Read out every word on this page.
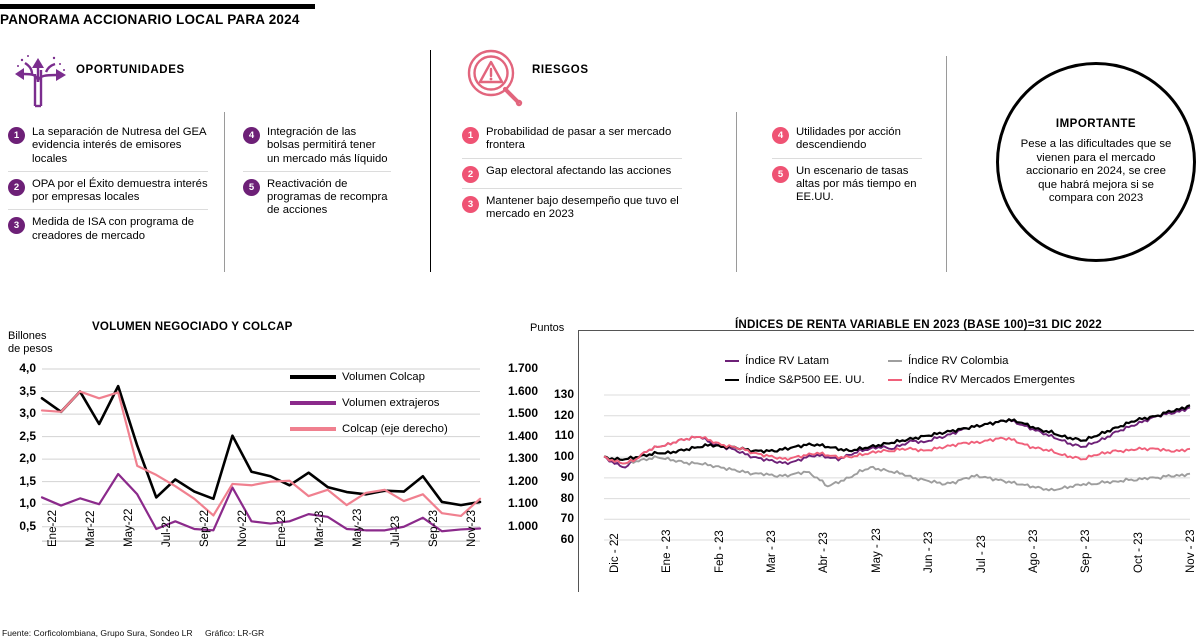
PANORAMA ACCIONARIO LOCAL PARA 2024
OPORTUNIDADES
1	La separación de Nutresa del GEA evidencia interés de emisores locales
2	OPA por el Éxito demuestra interés por empresas locales
3	Medida de ISA con programa de creadores de mercado
4	Integración de las bolsas permitirá tener un mercado más líquido
5	Reactivación de programas de recompra de acciones
RIESGOS
1	Probabilidad de pasar a ser mercado frontera
2	Gap electoral afectando las acciones
3	Mantener bajo desempeño que tuvo el mercado en 2023
4	Utilidades por acción descendiendo
5	Un escenario de tasas altas por más tiempo en EE.UU.
IMPORTANTE
Pese a las dificultades que se vienen para el mercado accionario en 2024, se cree que habrá mejora si se compara con 2023
Billones
de pesos
VOLUMEN NEGOCIADO Y COLCAP
4,0
3,5
3,0
2,5
2,0
1,5
1,0
0,5
1.700
1.600
1.500
1.400
1.300
1.200
1.100
1.000
Ene-22 Mar-22 May-22 Jul-22 Sep-22 Nov-22 Ene-23 Mar-23 May-23 Jul-23 Sep-23 Nov-23
Puntos
Volumen Colcap
Volumen extrajeros
Colcap (eje derecho)
ÍNDICES DE RENTA VARIABLE EN 2023 (BASE 100)=31 DIC 2022
Índice RV Latam
Índice S&P500 EE. UU.
Índice RV Colombia
Índice RV Mercados Emergentes
130
120
110
100
90
80
70
60	Dic - 22	Ene - 23	Feb - 23	Mar - 23	Abr - 23	May - 23	Jun - 23	Jul - 23	Ago - 23	Sep - 23	Oct - 23	Nov - 23
Fuente: Corficolombiana, Grupo Sura, Sondeo LR Gráfico: LR-GR
